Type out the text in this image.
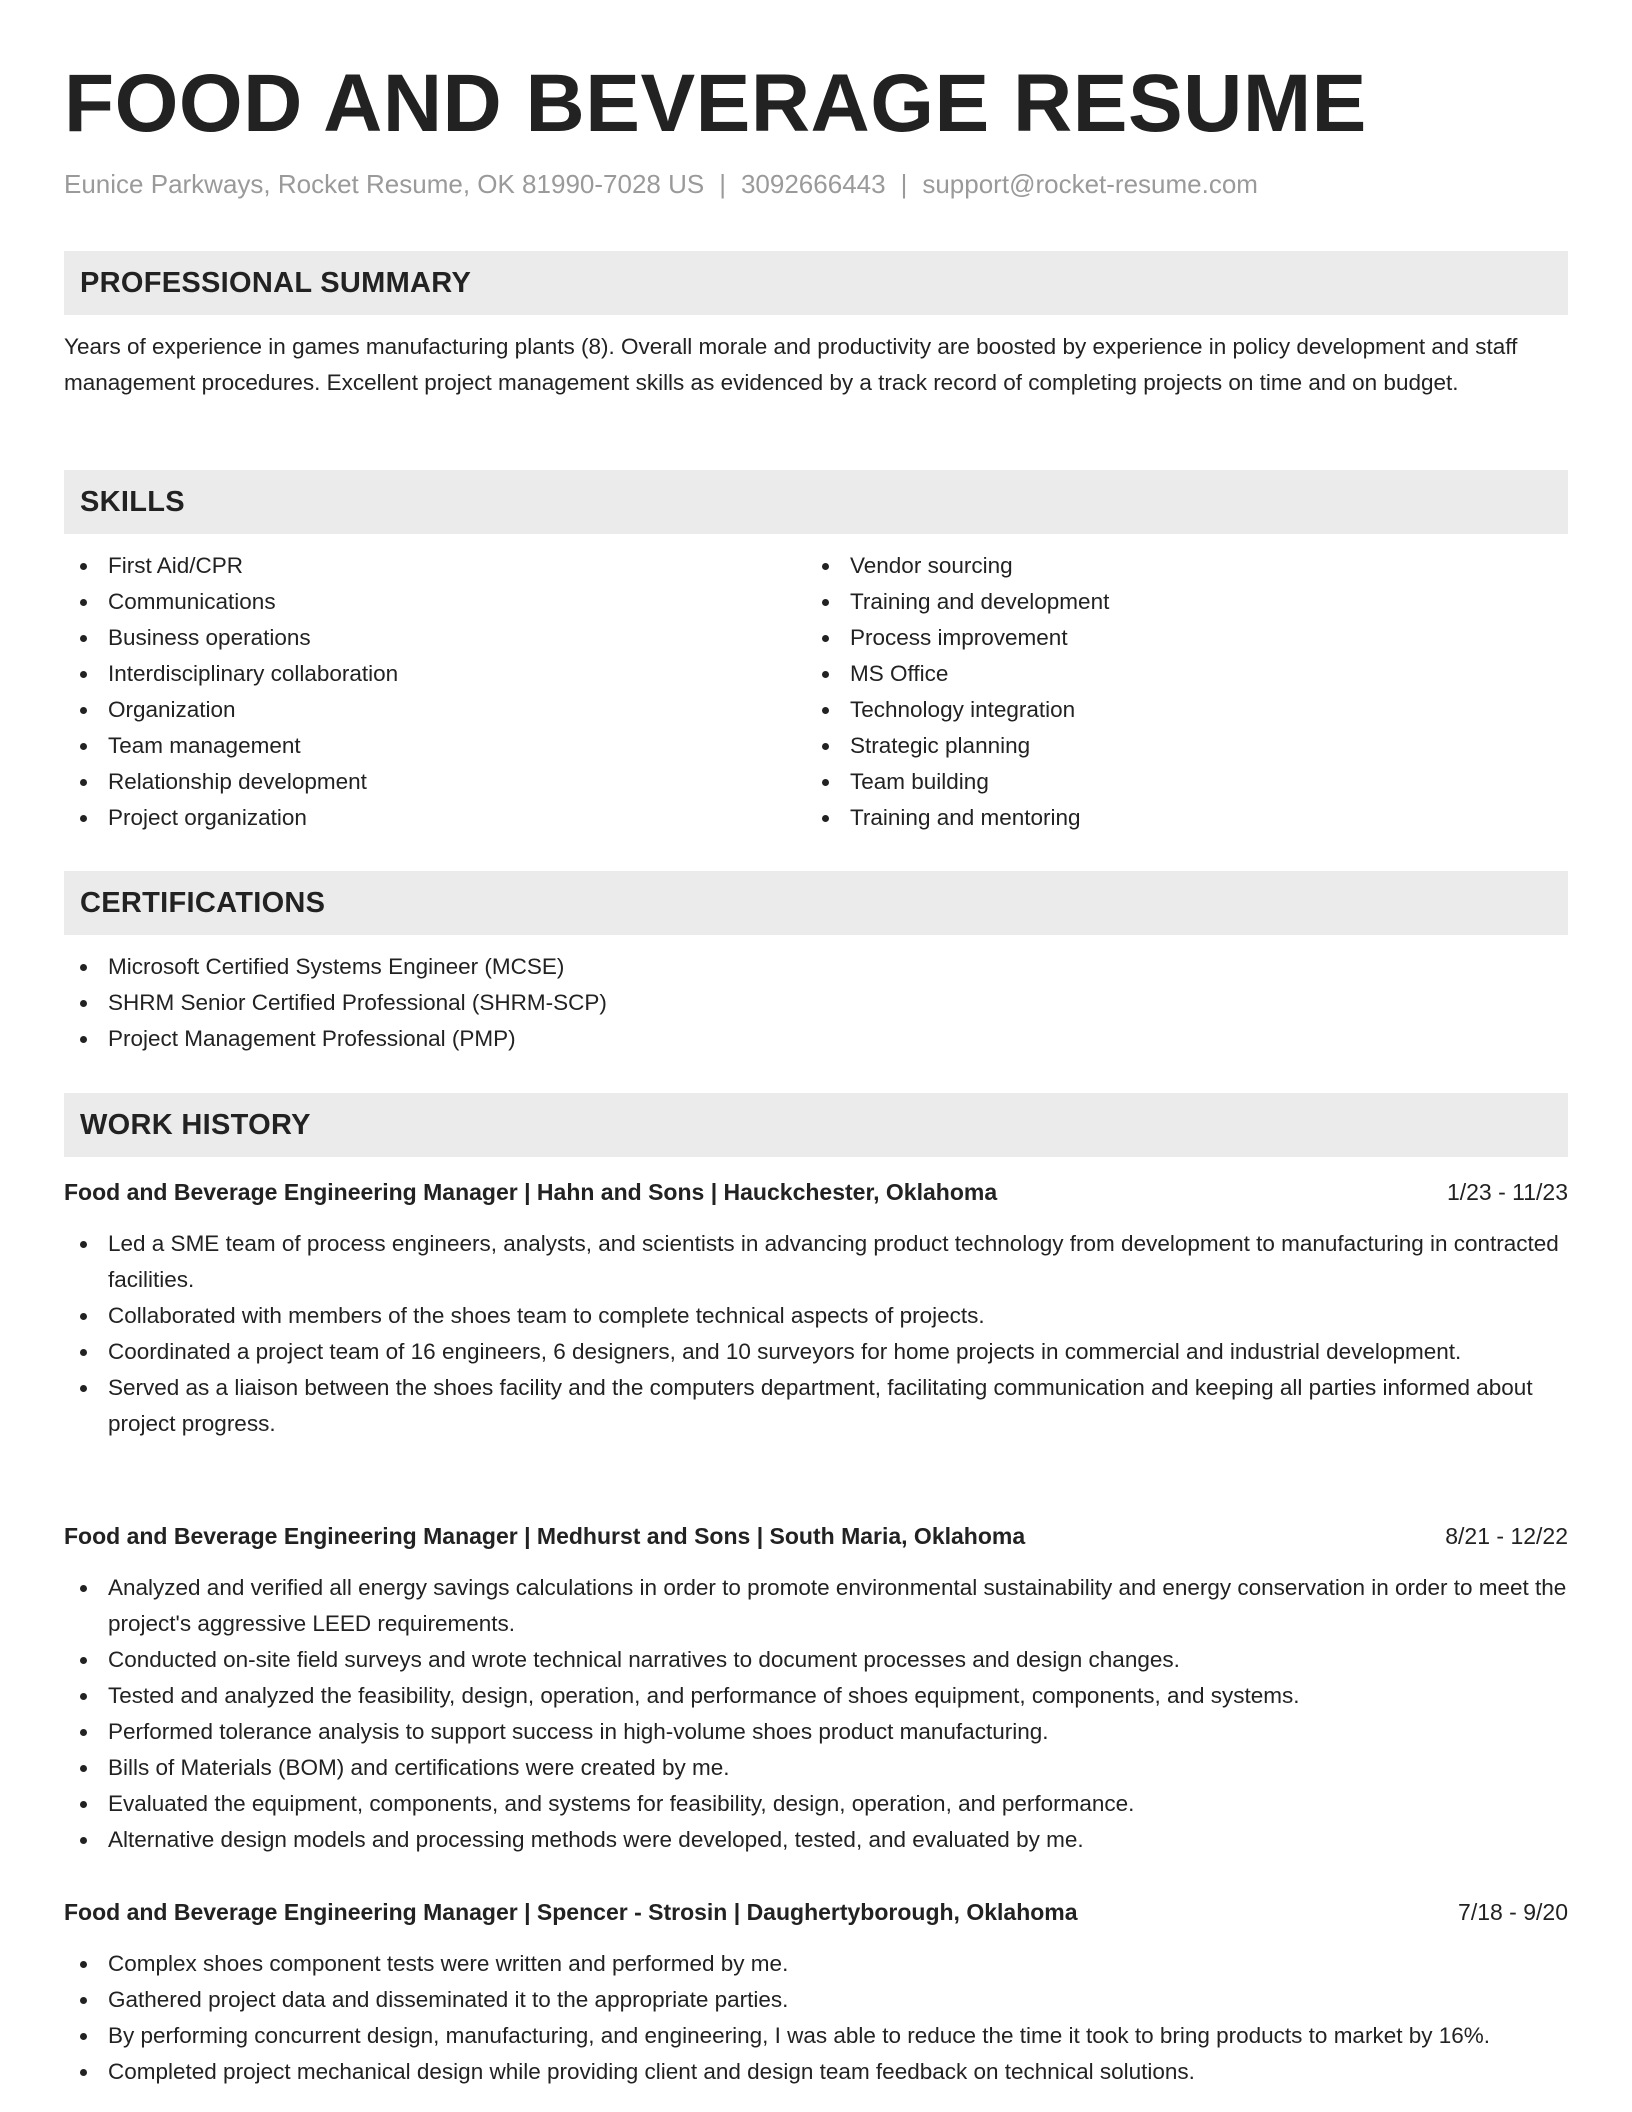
FOOD AND BEVERAGE RESUME
Eunice Parkways, Rocket Resume, OK 81990-7028 US | 3092666443 | support@rocket-resume.com
PROFESSIONAL SUMMARY

Years of experience in games manufacturing plants (8). Overall morale and productivity are boosted by experience in policy development and staff management procedures. Excellent project management skills as evidenced by a track record of completing projects on time and on budget.

SKILLS
First Aid/CPR
Communications
Business operations
Interdisciplinary collaboration
Organization
Team management
Relationship development
Project organization
Vendor sourcing
Training and development
Process improvement
MS Office
Technology integration
Strategic planning
Team building
Training and mentoring
CERTIFICATIONS
Microsoft Certified Systems Engineer (MCSE)
SHRM Senior Certified Professional (SHRM-SCP)
Project Management Professional (PMP)
WORK HISTORY
Food and Beverage Engineering Manager | Hahn and Sons | Hauckchester, Oklahoma	1/23 - 11/23
Led a SME team of process engineers, analysts, and scientists in advancing product technology from development to manufacturing in contracted facilities.
Collaborated with members of the shoes team to complete technical aspects of projects.
Coordinated a project team of 16 engineers, 6 designers, and 10 surveyors for home projects in commercial and industrial development.
Served as a liaison between the shoes facility and the computers department, facilitating communication and keeping all parties informed about project progress.
Food and Beverage Engineering Manager | Medhurst and Sons | South Maria, Oklahoma	8/21 - 12/22
Analyzed and verified all energy savings calculations in order to promote environmental sustainability and energy conservation in order to meet the project's aggressive LEED requirements.
Conducted on-site field surveys and wrote technical narratives to document processes and design changes.
Tested and analyzed the feasibility, design, operation, and performance of shoes equipment, components, and systems.
Performed tolerance analysis to support success in high-volume shoes product manufacturing.
Bills of Materials (BOM) and certifications were created by me.
Evaluated the equipment, components, and systems for feasibility, design, operation, and performance.
Alternative design models and processing methods were developed, tested, and evaluated by me.
Food and Beverage Engineering Manager | Spencer - Strosin | Daughertyborough, Oklahoma	7/18 - 9/20
Complex shoes component tests were written and performed by me.
Gathered project data and disseminated it to the appropriate parties.
By performing concurrent design, manufacturing, and engineering, I was able to reduce the time it took to bring products to market by 16%.
Completed project mechanical design while providing client and design team feedback on technical solutions.
